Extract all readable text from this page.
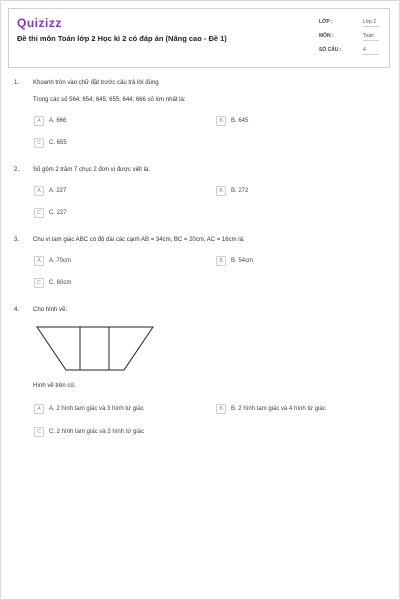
Quizizz
Đề thi môn Toán lớp 2 Học kì 2 có đáp án (Nâng cao - Đề 1)
LỚP :	Lớp 2
MÔN :	Toán
SỐ CÂU :	4
1. Khoanh tròn vào chữ đặt trước câu trả lời đúng
Trong các số 564; 654; 645; 655; 644; 666 số lớn nhất là:
A A. 666	B B. 645
C C. 655
2. Số gồm 2 trăm 7 chục 2 đơn vị được viết là:
A A. 227	B B. 272
C C. 227
3. Chu vi tam giác ABC có độ dài các cạnh AB = 34cm, BC = 20cm, AC = 16cm là:
A A. 70cm	B B. 54cm
C C. 60cm
4. Cho hình vẽ:
Hình vẽ trên có:
A A. 2 hình tam giác và 3 hình tứ giác	B B. 2 hình tam giác và 4 hình tứ giác
C C. 2 hình tam giác và 2 hình tứ giác
